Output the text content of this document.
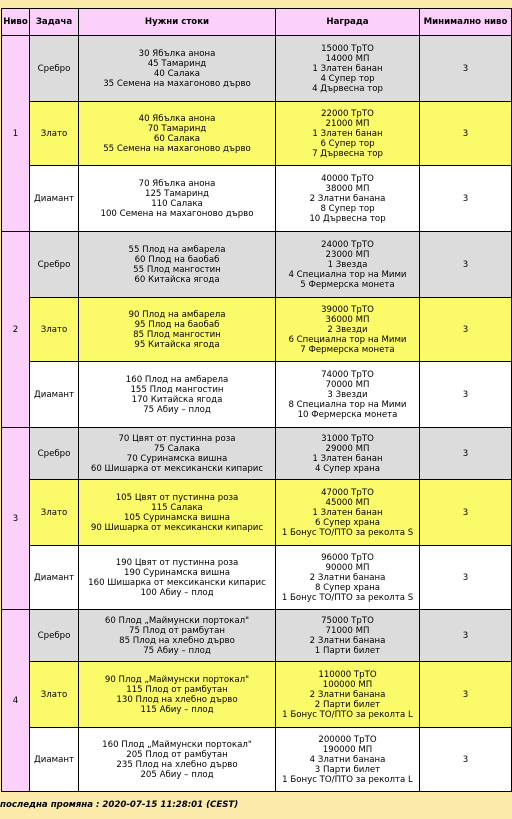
Ниво	Задача	Нужни стоки	Награда	Минимално ниво
1	Сребро	30 Ябълка анона
45 Тамаринд
40 Салака
35 Семена на махагоново дърво	15000 ТрТО
14000 МП
1 Златен банан
4 Супер тор
4 Дървесна тор	3
	Злато	40 Ябълка анона
70 Тамаринд
60 Салака
55 Семена на махагоново дърво	22000 ТрТО
21000 МП
1 Златен банан
6 Супер тор
7 Дървесна тор	3
	Диамант	70 Ябълка анона
125 Тамаринд
110 Салака
100 Семена на махагоново дърво	40000 ТрТО
38000 МП
2 Златни банана
8 Супер тор
10 Дървесна тор	3
2	Сребро	55 Плод на амбарела
60 Плод на баобаб
55 Плод мангостин
60 Китайска ягода	24000 ТрТО
23000 МП
1 Звезда
4 Специална тор на Мими
5 Фермерска монета	3
	Злато	90 Плод на амбарела
95 Плод на баобаб
85 Плод мангостин
95 Китайска ягода	39000 ТрТО
36000 МП
2 Звезди
6 Специална тор на Мими
7 Фермерска монета	3
	Диамант	160 Плод на амбарела
155 Плод мангостин
170 Китайска ягода
75 Абиу – плод	74000 ТрТО
70000 МП
3 Звезди
8 Специална тор на Мими
10 Фермерска монета	3
3	Сребро	70 Цвят от пустинна роза
75 Салака
70 Суринамска вишна
60 Шишарка от мексикански кипарис	31000 ТрТО
29000 МП
1 Златен банан
4 Супер храна	3
	Злато	105 Цвят от пустинна роза
115 Салака
105 Суринамска вишна
90 Шишарка от мексикански кипарис	47000 ТрТО
45000 МП
1 Златен банан
6 Супер храна
1 Бонус ТО/ПТО за реколта S	3
	Диамант	190 Цвят от пустинна роза
190 Суринамска вишна
160 Шишарка от мексикански кипарис
100 Абиу – плод	96000 ТрТО
90000 МП
2 Златни банана
8 Супер храна
1 Бонус ТО/ПТО за реколта S	3
4	Сребро	60 Плод „Маймунски портокал"
75 Плод от рамбутан
85 Плод на хлебно дърво
75 Абиу – плод	75000 ТрТО
71000 МП
2 Златни банана
1 Парти билет	3
	Злато	90 Плод „Маймунски портокал"
115 Плод от рамбутан
130 Плод на хлебно дърво
115 Абиу – плод	110000 ТрТО
100000 МП
2 Златни банана
2 Парти билет
1 Бонус ТО/ПТО за реколта L	3
	Диамант	160 Плод „Маймунски портокал"
205 Плод от рамбутан
235 Плод на хлебно дърво
205 Абиу – плод	200000 ТрТО
190000 МП
4 Златни банана
3 Парти билет
1 Бонус ТО/ПТО за реколта L	3
последна промяна : 2020-07-15 11:28:01 (CEST)
